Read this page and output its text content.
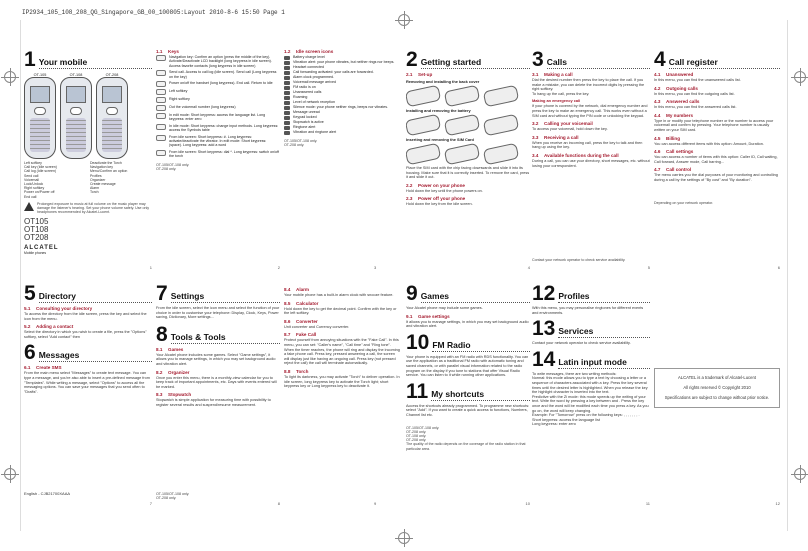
IP2934_105_108_208_QG_Singapore_GB_00_100805:Layout 2010-8-6 15:50 Page 1
1 Your mobile
OT-105	OT-108	OT-208
Left softkey
Call key (Idle screen)
Call log (Idle screen)
Send call
Voicemail
Lock/Unlock
Right softkey
Power on/Power off
End call
Deactivate the Torch
Navigation key
Menu/Confirm an option
Profiles
Organizer
Create message
Alarm
Torch
Prolonged exposure to music at full volume on the music player may damage the listener's hearing. Set your phone volume safely. Use only headphones recommended by Alcatel-Lucent.
OT105
OT108
OT208
ALCATEL
Mobile phones
1
1.1	Keys
Navigation key: Confirm an option (press the middle of the key). Activate/Deactivate LCD backlight (long keypress in idle screen). Access favorite contacts (long keypress in idle screen)
Send call. Access to call log (idle screen). Send call (Long keypress on the key)
Power on/off the handset (long keypress). End call. Return to idle
Left softkey
Right softkey
Out the voicemail number (long keypress)
In edit mode: Short keypress: access the language list. Long keypress: enter zero
In idle mode: Short keypress: change input methods. Long keypress: access the Symbols table
From idle screen: Short keypress: #. Long keypress: activate/deactivate the vibrator. In edit mode: Short keypress: (space). Long keypress: add a word
From idle screen: Short keypress: dial *. Long keypress: switch on/off the torch
OT-105/OT-108 only.
OT-208 only.
2
1.2	Idle screen icons
Battery charge level
Vibration alert: your phone vibrates, but neither rings nor beeps.
Headset connected
Call forwarding activated: your calls are forwarded.
Alarm clock programmed.
Voicemail message arrived
FM radio is on
Unanswered calls
Roaming
Level of network reception
Silence mode: your phone neither rings, beeps nor vibrates.
Message unread
Keypad locked
Stopwatch is active
Ringtone alert
Vibration and ringtone alert
OT-105/OT-108 only.
OT-208 only.
3
2 Getting started
2.1	Set-up
Removing and installing the back cover
Installing and removing the battery
Inserting and removing the SIM Card
Place the SIM card with the chip facing downwards and slide it into its housing. Make sure that it is correctly inserted. To remove the card, press it and slide it out.
2.2	Power on your phone
Hold down the key until the phone powers on.
2.3	Power off your phone
Hold down the key from the idle screen.
4
3 Calls
3.1	Making a call
Dial the desired number then press the key to place the call. If you make a mistake, you can delete the incorrect digits by pressing the right softkey.
To hang up the call, press the key.
Making an emergency call
If your phone is covered by the network, dial emergency number and press the key to make an emergency call. This works even without a SIM card and without typing the PIN code or unlocking the keypad.
3.2	Calling your voicemail
To access your voicemail, hold down the key.
3.3	Receiving a call
When you receive an incoming call, press the key to talk and then hang up using the key.
3.4	Available functions during the call
During a call, you can use your directory, short messages, etc. without losing your correspondent.
Contact your network operator to check service availability.
5
4 Call register
4.1	Unanswered
In this menu, you can find the unanswered calls list.
4.2	Outgoing calls
In this menu, you can find the outgoing calls list.
4.3	Answered calls
In this menu, you can find the answered calls list.
4.4	My numbers
Type in or modify your telephone number or the number to access your voicemail and confirm by pressing. Your telephone number is usually written on your SIM card.
4.5	Billing
You can access different items with this option: Amount, Duration.
4.6	Call settings
You can access a number of items with this option: Caller ID, Call waiting, Call forward, Answer mode, Call barring...
4.7	Call control
The menu carries you the dial purposes of your monitoring and controlling during a call by the settings of "By cost" and "By duration".
Depending on your network operator.
6
5 Directory
5.1	Consulting your directory
To access the directory from the idle screen, press the key and select the icon from the menu.
5.2	Adding a contact
Select the directory in which you wish to create a file, press the "Options" softkey, select "Add contact" then
6 Messages
6.1	Create SMS
From the main menu select "Messages" to create text message. You can type a message, and you're also able to insert a pre-defined message from "Templates". While writing a message, select "Options" to access all the messaging options. You can save your messages that you send often to "Drafts".
English - CJB21700XAAA
7
7 Settings
From the idle screen, select the icon menu and select the function of your choice in order to customise your telephone: Display, Clock, Keys, Power saving, Dictionary, More settings...
8 Tools & Tools
8.1	Games
Your Alcatel phone includes some games. Select "Game settings", it allows you to manage settings, in which you may set background audio and vibration alert.
8.2	Organizer
Once you enter this menu, there is a monthly-view calendar for you to keep track of important appointments, etc. Days with events entered will be marked.
8.3	Stopwatch
Stopwatch is simple application for measuring time with possibility to register several results and suspend/resume measurement.
OT-105/OT-108 only.
OT-208 only.
8
8.4	Alarm
Your mobile phone has a built-in alarm clock with snooze feature.
8.5	Calculator
Hold down the key to get the decimal point. Confirm with the key or the left softkey.
8.6	Converter
Unit converter and Currency converter.
8.7	Fake Call
Protect yourself from annoying situations with the "Fake Call". In this menu, you can set: "Caller's name", "Call time" and "Ring tone". When the timer reaches, the phone will ring and display the incoming a fake phone call. Press key, pressed answering a call, the screen will display just like having an ongoing call. Press key (not pressed reject the call) the call will terminate automatically.
8.8	Torch
To light its darkness, you may activate "Torch" to deliver operation. In idle screen, long keypress key to activate the Torch light; short keypress key or Long keypress key to deactivate it.
9
9 Games
Your Alcatel phone may include some games.
9.1	Game settings
It allows you to manage settings, in which you may set background audio and vibration alert.
10 FM Radio
Your phone is equipped with an FM radio with RDS functionality. You can use the application as a traditional FM radio with automatic tuning and saved channels, or with parallel visual information related to the radio program on the display if you tune to stations that offer Visual Radio service. You can listen to it while running other applications.
11 My shortcuts
Access the shortcuts already programmed. To programme new shortcuts: select "Add". If you want to create a quick access to functions, Numbers, Channel list etc.
OT-105/OT-108 only.
OT-208 only.
OT-108 only.
OT-208 only.
The quality of the radio depends on the coverage of the radio station in that particular area.
10
12 Profiles
With this menu, you may personalise ringtones for different events and environments.
13 Services
Contact your network operator to check service availability.
14 Latin input mode
To write messages, there are two writing methods:
Normal: this mode allows you to type a text by choosing a letter or a sequence of characters associated with a key. Press the key several times until the desired letter is highlighted. When you release the key the highlight character is inserted into the text.
Predictive with the Zi mode: this mode speeds up the writing of your text. Write the word by pressing a key between and . Press the key once and the word will be modified each time you press a key. As you go on, the word will keep changing.
Example: For "Tomorrow" press on the following keys: , , , , , , , .
Short keypress: access the language list
Long keypress: enter zero
11
ALCATEL is a trademark of Alcatel-Lucent
All rights reserved © Copyright 2010
Specifications are subject to change without prior notice.
12
